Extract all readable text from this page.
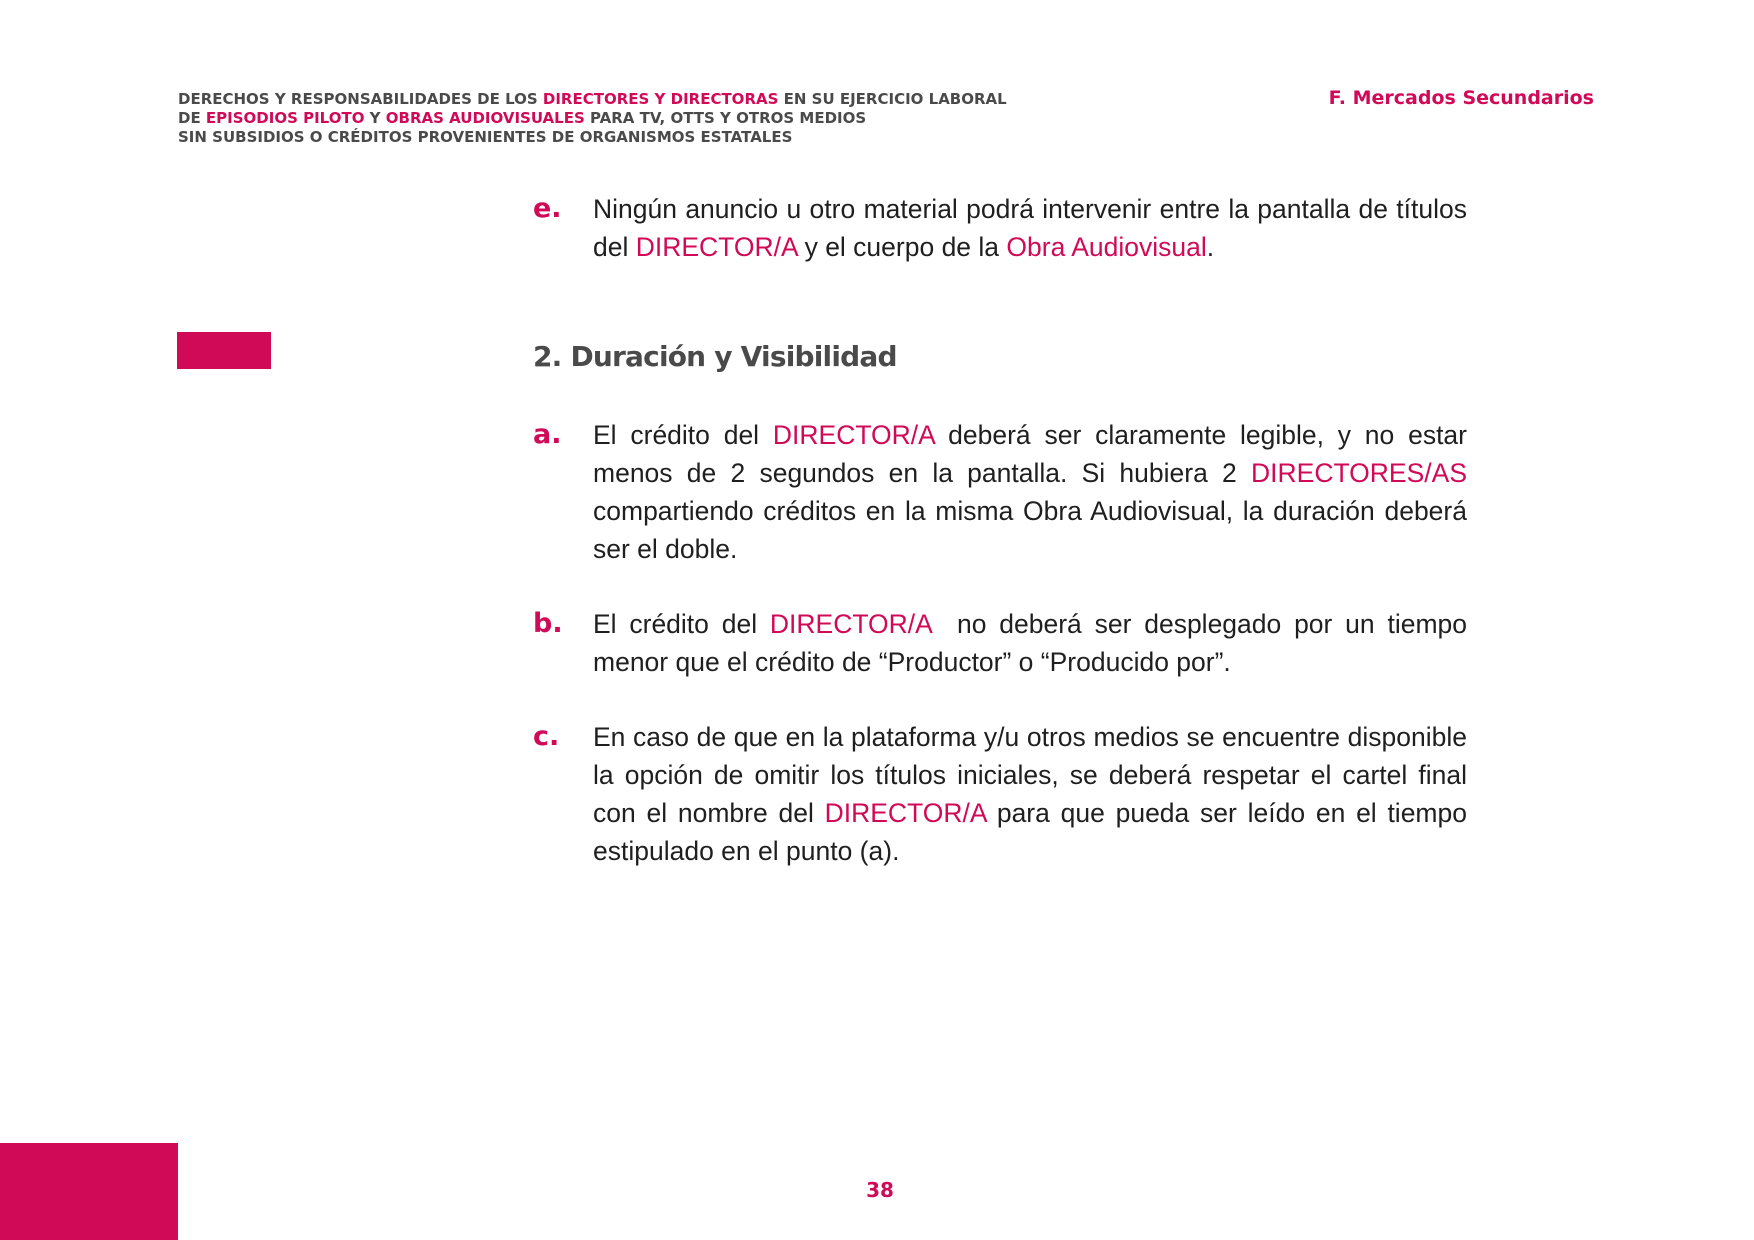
DERECHOS Y RESPONSABILIDADES DE LOS DIRECTORES Y DIRECTORAS EN SU EJERCICIO LABORAL
DE EPISODIOS PILOTO Y OBRAS AUDIOVISUALES PARA TV, OTTS Y OTROS MEDIOS
SIN SUBSIDIOS O CRÉDITOS PROVENIENTES DE ORGANISMOS ESTATALES
F. Mercados Secundarios
e. Ningún anuncio u otro material podrá intervenir entre la pantalla de títulos del DIRECTOR/A y el cuerpo de la Obra Audiovisual.
2. Duración y Visibilidad
a. El crédito del DIRECTOR/A deberá ser claramente legible, y no estar menos de 2 segundos en la pantalla. Si hubiera 2 DIRECTORES/AS compartiendo créditos en la misma Obra Audiovisual, la duración deberá ser el doble.
b. El crédito del DIRECTOR/A  no deberá ser desplegado por un tiempo menor que el crédito de “Productor” o “Producido por”.
c. En caso de que en la plataforma y/u otros medios se encuentre disponible la opción de omitir los títulos iniciales, se deberá respetar el cartel final con el nombre del DIRECTOR/A para que pueda ser leído en el tiempo estipulado en el punto (a).
38
